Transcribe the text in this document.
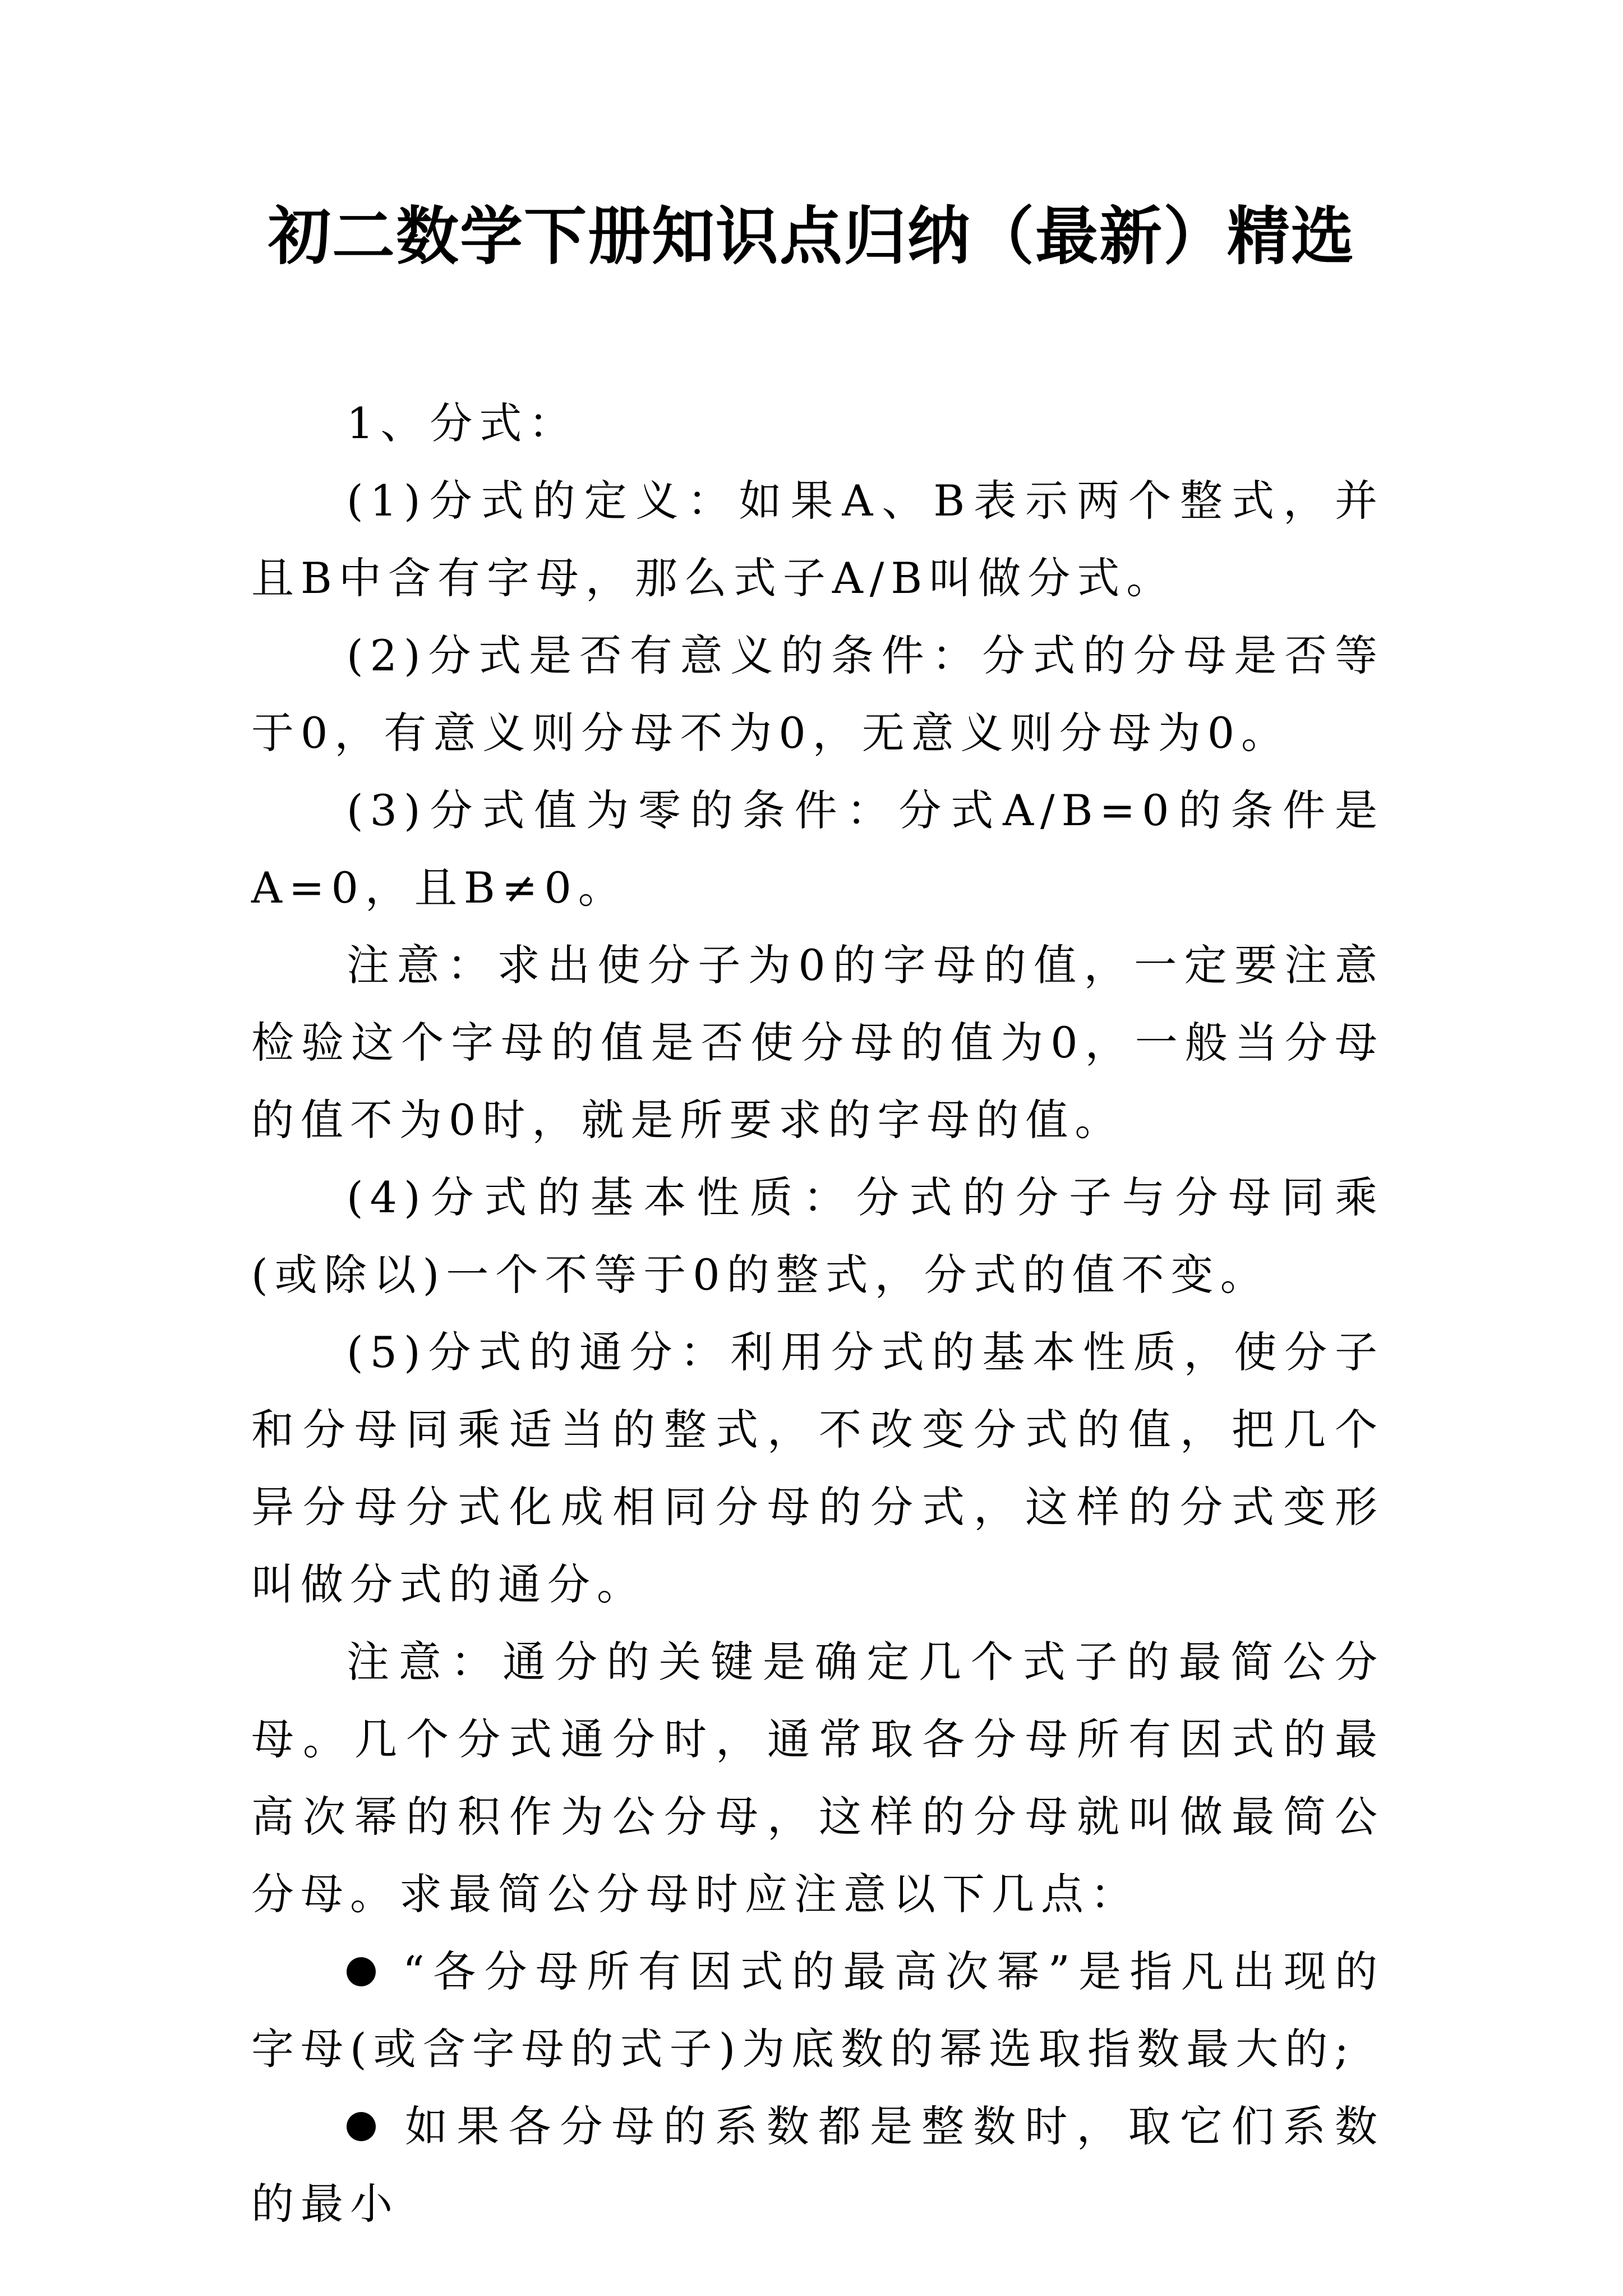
初二数学下册知识点归纳（最新）精选

1、分式：

(1)分式的定义：如果A、B表示两个整式，并且B中含有字母，那么式子A/B叫做分式。

(2)分式是否有意义的条件：分式的分母是否等于0，有意义则分母不为0，无意义则分母为0。

(3)分式值为零的条件：分式A/B=0的条件是A=0，且B≠0。

注意：求出使分子为0的字母的值，一定要注意检验这个字母的值是否使分母的值为0，一般当分母的值不为0时，就是所要求的字母的值。

(4)分式的基本性质：分式的分子与分母同乘(或除以)一个不等于0的整式，分式的值不变。

(5)分式的通分：利用分式的基本性质，使分子和分母同乘适当的整式，不改变分式的值，把几个异分母分式化成相同分母的分式，这样的分式变形叫做分式的通分。

注意：通分的关键是确定几个式子的最简公分母。几个分式通分时，通常取各分母所有因式的最高次幂的积作为公分母，这样的分母就叫做最简公分母。求最简公分母时应注意以下几点：

“各分母所有因式的最高次幂”是指凡出现的字母(或含字母的式子)为底数的幂选取指数最大的;

如果各分母的系数都是整数时，取它们系数的最小
